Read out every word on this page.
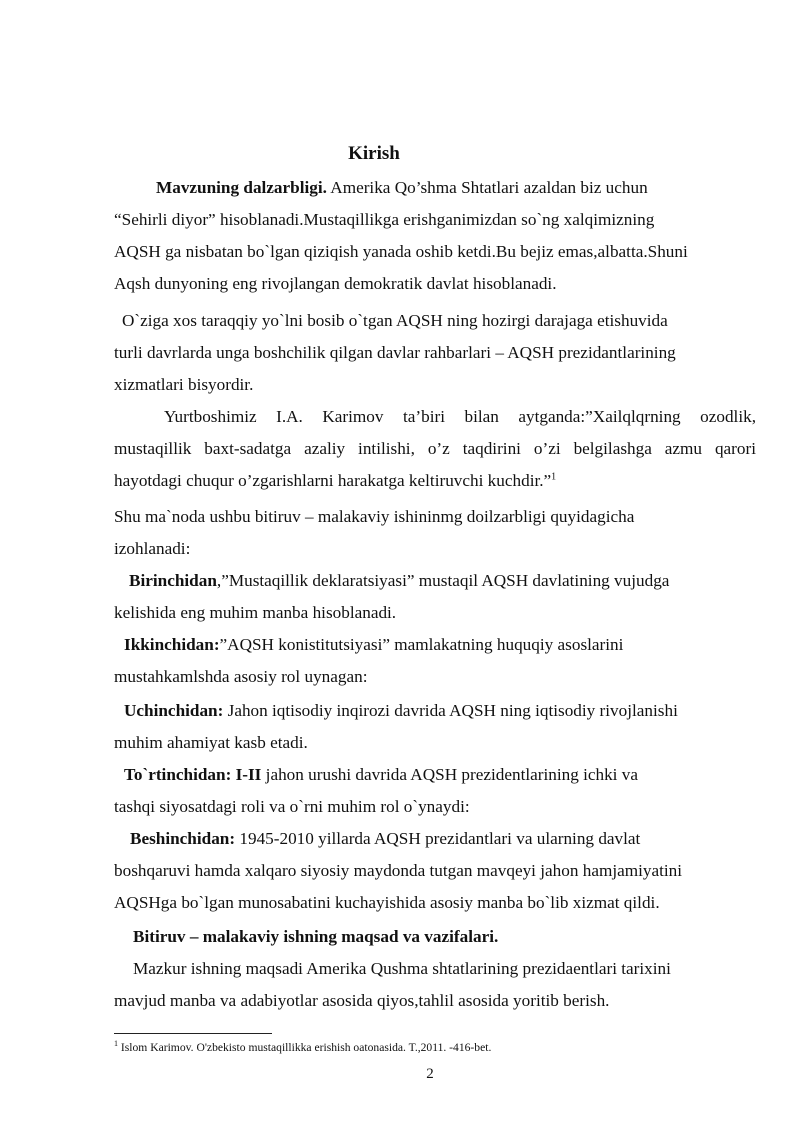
Kirish
Mavzuning dalzarbligi. Amerika Qo’shma Shtatlari azaldan biz uchun
“Sehirli diyor” hisoblanadi.Mustaqillikga erishganimizdan so`ng xalqimizning
AQSH ga nisbatan bo`lgan qiziqish yanada oshib ketdi.Bu bejiz emas,albatta.Shuni
Aqsh dunyoning eng rivojlangan demokratik davlat hisoblanadi.
O`ziga xos taraqqiy yo`lni bosib o`tgan AQSH ning hozirgi darajaga etishuvida
turli davrlarda unga boshchilik qilgan davlar rahbarlari – AQSH prezidantlarining
xizmatlari bisyordir.
Yurtboshimiz I.A. Karimov ta’biri bilan aytganda:”Xailqlqrning ozodlik,
mustaqillik baxt-sadatga azaliy intilishi, o’z taqdirini o’zi belgilashga azmu qarori
hayotdagi chuqur o’zgarishlarni harakatga keltiruvchi kuchdir.”$^1$
Shu ma`noda ushbu bitiruv – malakaviy ishininmg doilzarbligi quyidagicha
izohlanadi:
Birinchidan,”Mustaqillik deklaratsiyasi” mustaqil AQSH davlatining vujudga
kelishida eng muhim manba hisoblanadi.
Ikkinchidan:”AQSH konistitutsiyasi” mamlakatning huquqiy asoslarini
mustahkamlshda asosiy rol uynagan:
Uchinchidan: Jahon iqtisodiy inqirozi davrida AQSH ning iqtisodiy rivojlanishi
muhim ahamiyat kasb etadi.
To`rtinchidan: I-II jahon urushi davrida AQSH prezidentlarining ichki va
tashqi siyosatdagi roli va o`rni muhim rol o`ynaydi:
Beshinchidan: 1945-2010 yillarda AQSH prezidantlari va ularning davlat
boshqaruvi hamda xalqaro siyosiy maydonda tutgan mavqeyi jahon hamjamiyatini
AQSHga bo`lgan munosabatini kuchayishida asosiy manba bo`lib xizmat qildi.
Bitiruv – malakaviy ishning maqsad va vazifalari.
Mazkur ishning maqsadi Amerika Qushma shtatlarining prezidaentlari tarixini
mavjud manba va adabiyotlar asosida qiyos,tahlil asosida yoritib berish.
$^1$ Islom Karimov. O'zbekisto mustaqillikka erishish oatonasida. T.,2011. -416-bet.
2
